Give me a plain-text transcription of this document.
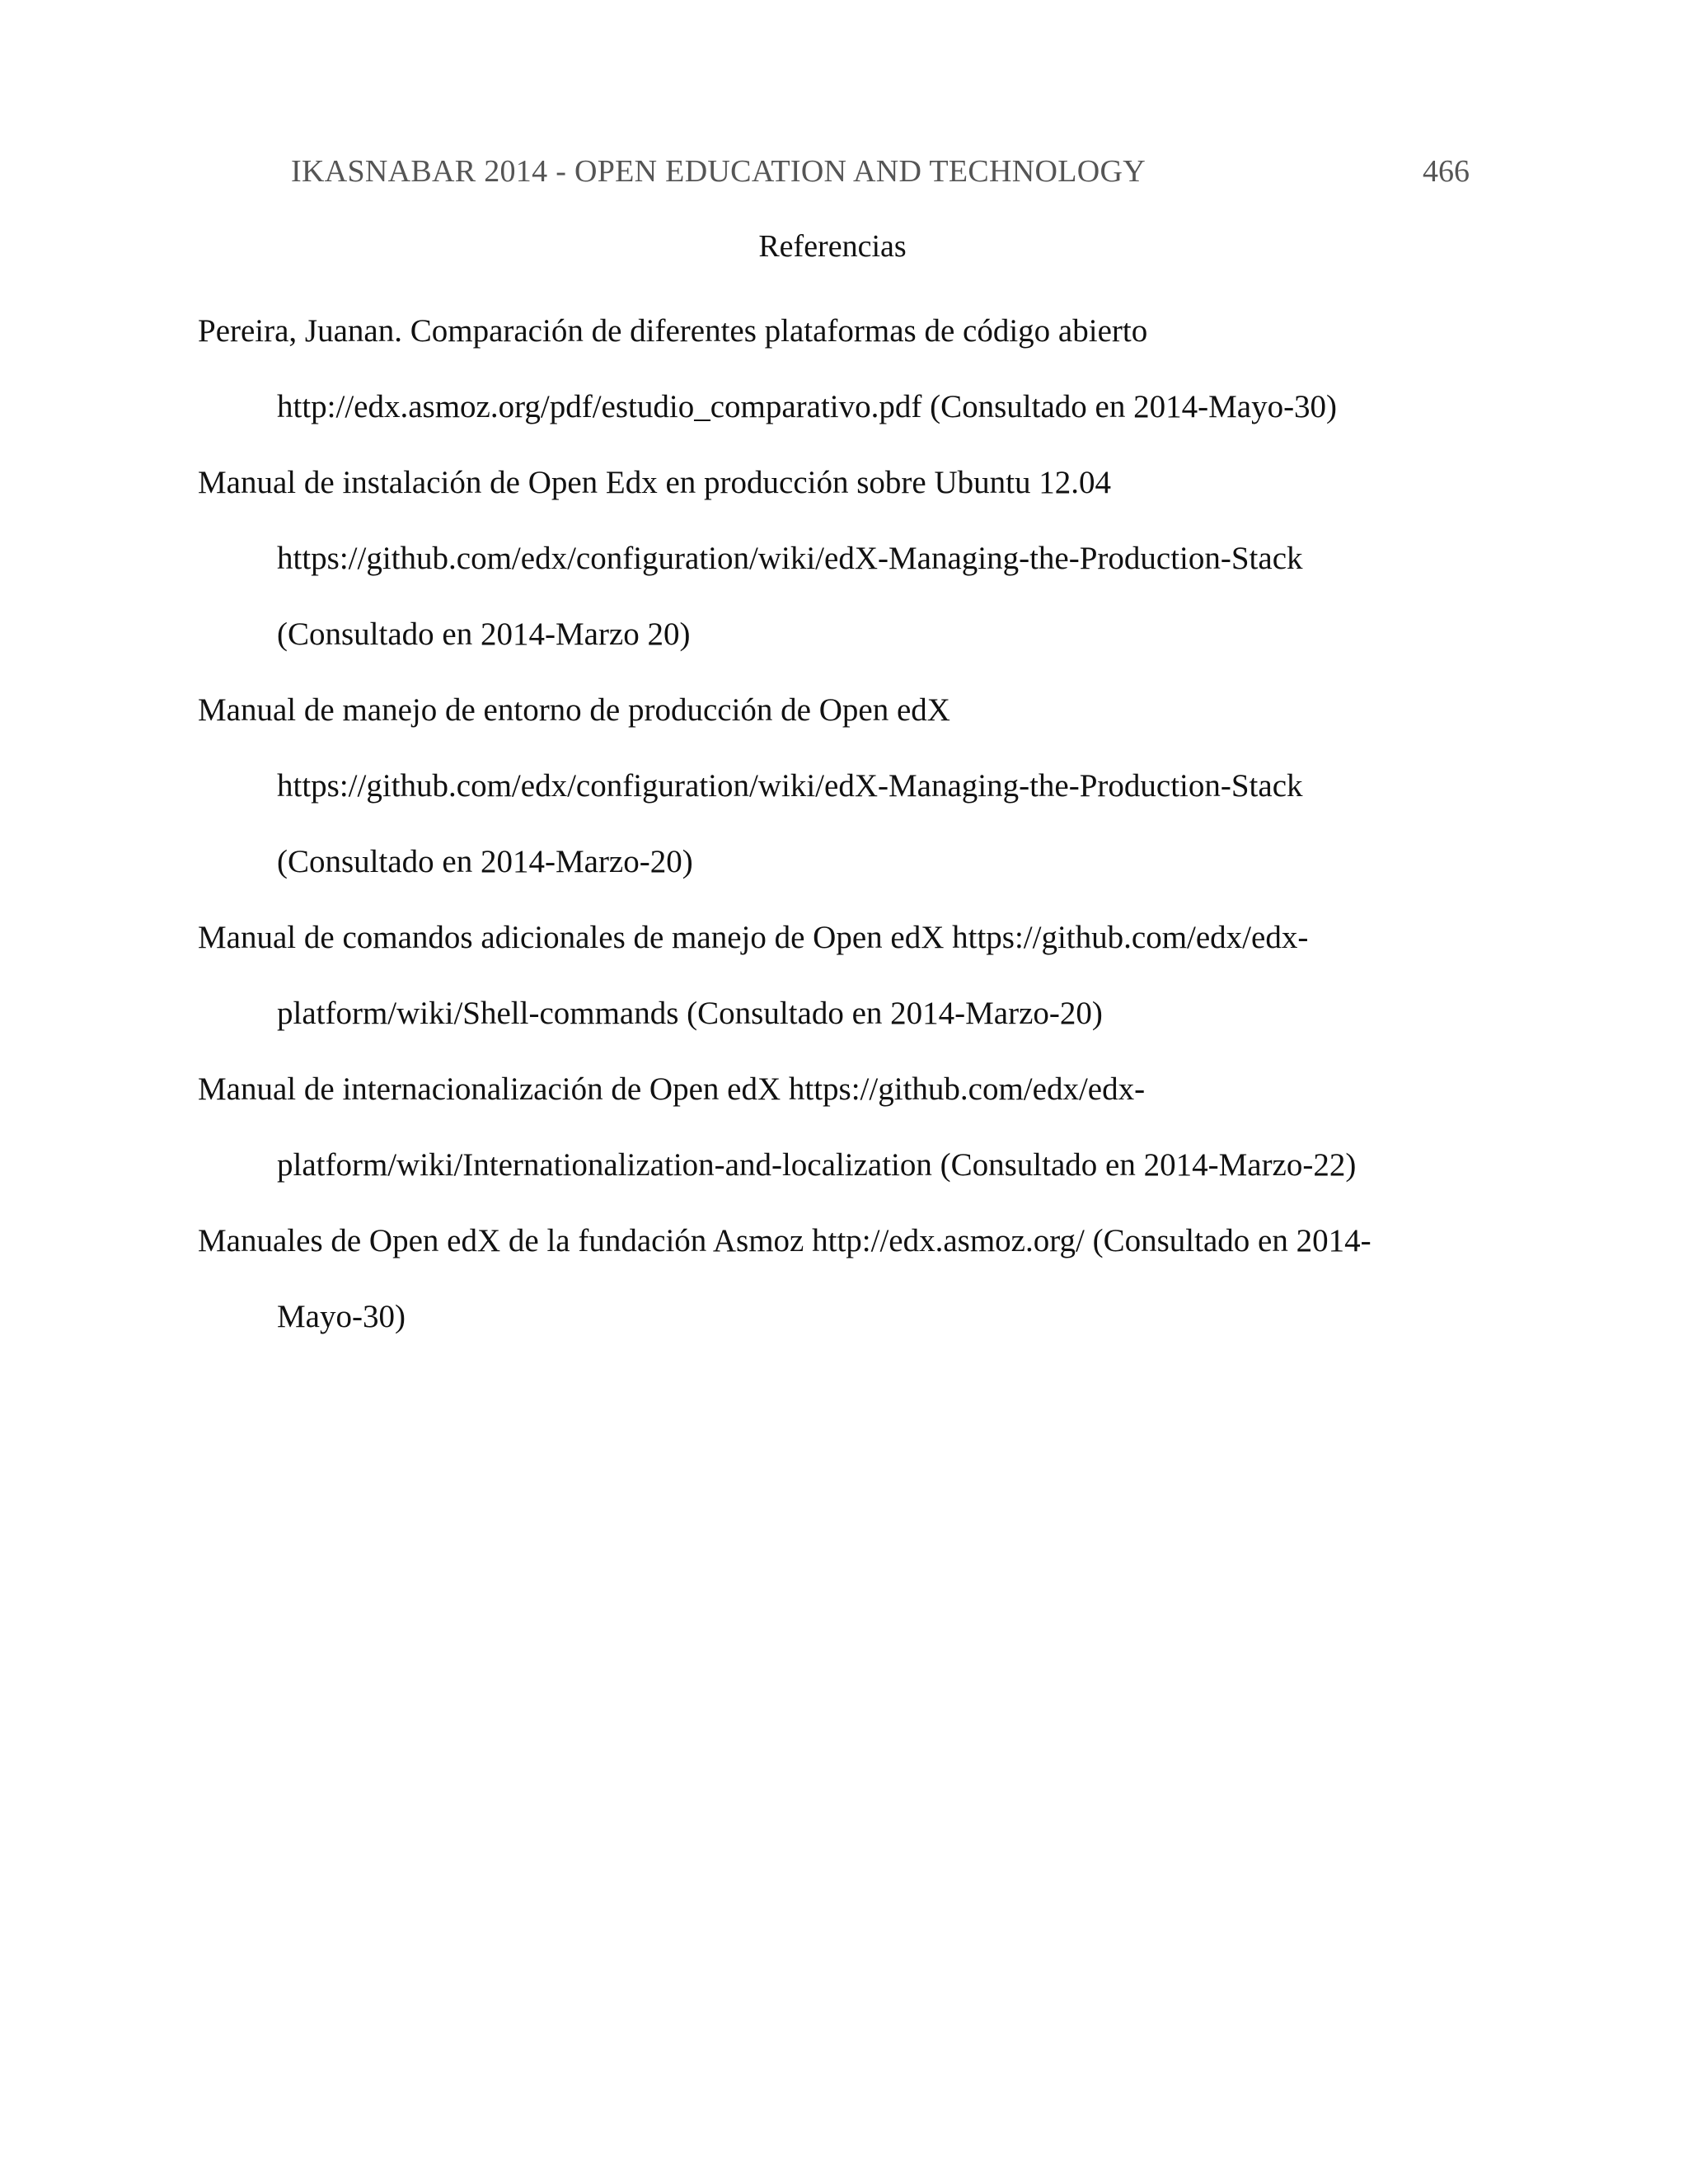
IKASNABAR 2014 - OPEN EDUCATION AND TECHNOLOGY	466
Referencias
Pereira, Juanan. Comparación de diferentes plataformas de código abierto
http://edx.asmoz.org/pdf/estudio_comparativo.pdf (Consultado en 2014-Mayo-30)
Manual de instalación de Open Edx en producción sobre Ubuntu 12.04
https://github.com/edx/configuration/wiki/edX-Managing-the-Production-Stack
(Consultado en 2014-Marzo 20)
Manual de manejo de entorno de producción de Open edX
https://github.com/edx/configuration/wiki/edX-Managing-the-Production-Stack
(Consultado en 2014-Marzo-20)
Manual de comandos adicionales de manejo de Open edX https://github.com/edx/edx-
platform/wiki/Shell-commands (Consultado en 2014-Marzo-20)
Manual de internacionalización de Open edX https://github.com/edx/edx-
platform/wiki/Internationalization-and-localization (Consultado en 2014-Marzo-22)
Manuales de Open edX de la fundación Asmoz http://edx.asmoz.org/ (Consultado en 2014-
Mayo-30)
